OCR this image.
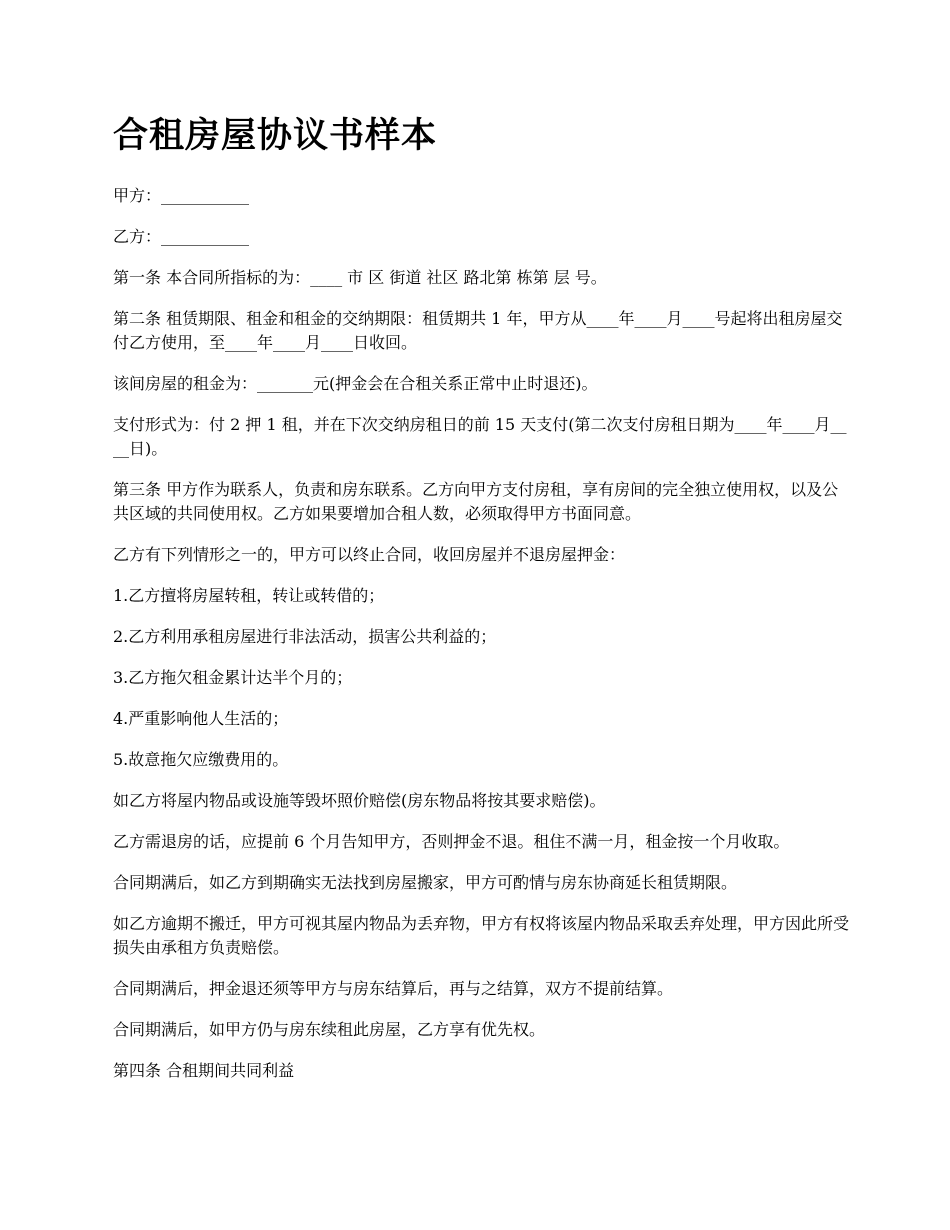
合租房屋协议书样本

甲方：___________

乙方：___________

第一条 本合同所指标的为：____ 市 区 街道 社区 路北第 栋第 层 号。

第二条 租赁期限、租金和租金的交纳期限：租赁期共 1 年，甲方从____年____月____号起将出租房屋交付乙方使用，至____年____月____日收回。

该间房屋的租金为：_______元(押金会在合租关系正常中止时退还)。

支付形式为：付 2 押 1 租，并在下次交纳房租日的前 15 天支付(第二次支付房租日期为____年____月____日)。

第三条 甲方作为联系人，负责和房东联系。乙方向甲方支付房租，享有房间的完全独立使用权，以及公共区域的共同使用权。乙方如果要增加合租人数，必须取得甲方书面同意。

乙方有下列情形之一的，甲方可以终止合同，收回房屋并不退房屋押金：

1.乙方擅将房屋转租，转让或转借的；

2.乙方利用承租房屋进行非法活动，损害公共利益的；

3.乙方拖欠租金累计达半个月的；

4.严重影响他人生活的；

5.故意拖欠应缴费用的。

如乙方将屋内物品或设施等毁坏照价赔偿(房东物品将按其要求赔偿)。

乙方需退房的话，应提前 6 个月告知甲方，否则押金不退。租住不满一月，租金按一个月收取。

合同期满后，如乙方到期确实无法找到房屋搬家，甲方可酌情与房东协商延长租赁期限。

如乙方逾期不搬迁，甲方可视其屋内物品为丢弃物，甲方有权将该屋内物品采取丢弃处理，甲方因此所受损失由承租方负责赔偿。

合同期满后，押金退还须等甲方与房东结算后，再与之结算，双方不提前结算。

合同期满后，如甲方仍与房东续租此房屋，乙方享有优先权。

第四条 合租期间共同利益
